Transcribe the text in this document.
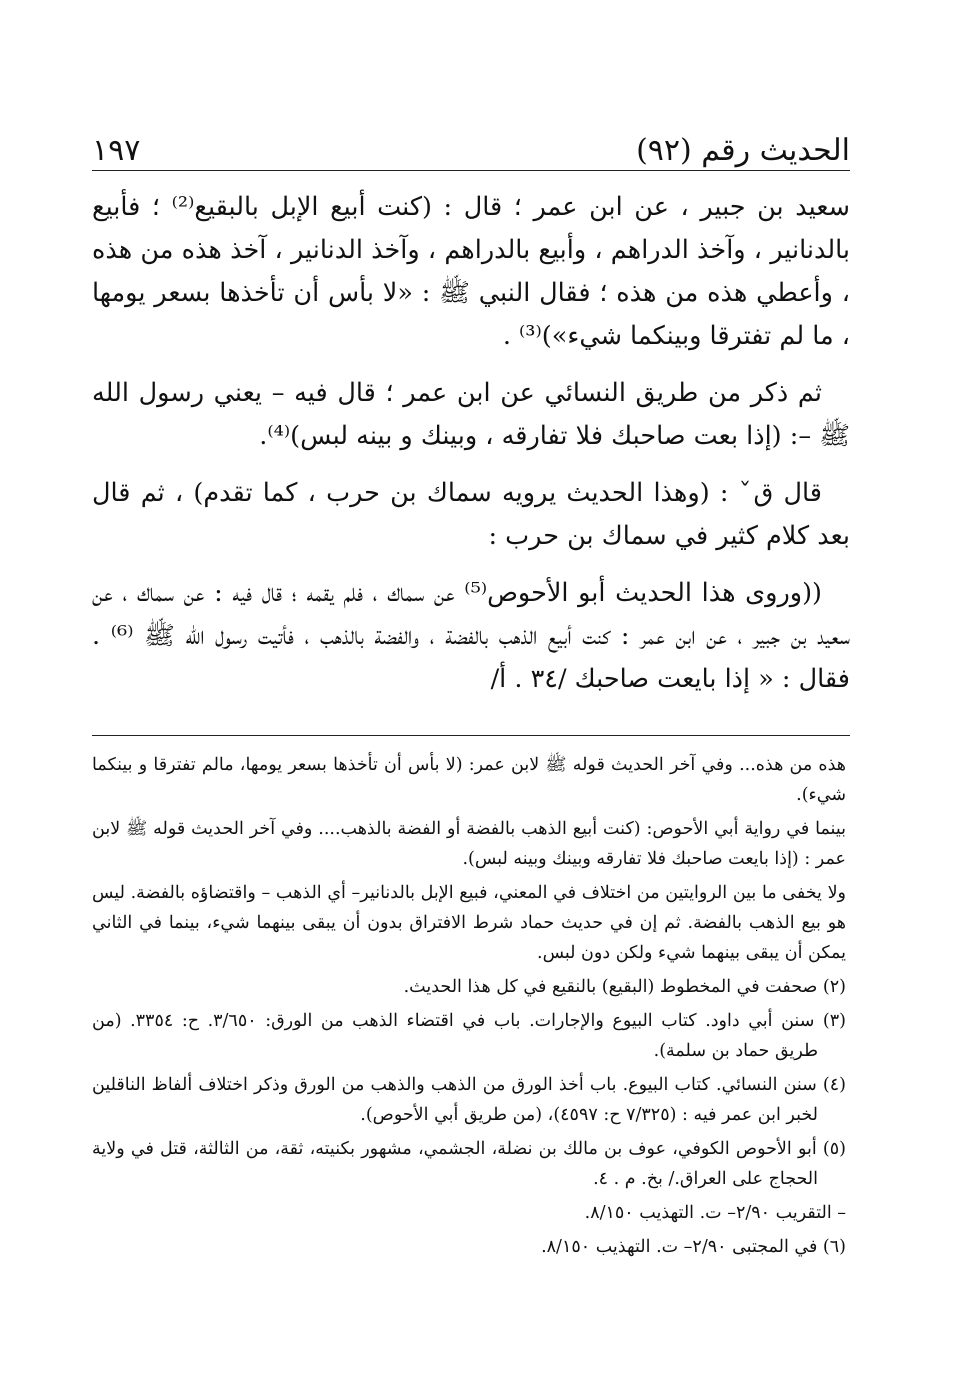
الحديث رقم (٩٢)
١٩٧

سعيد بن جبير ، عن ابن عمر ؛ قال : (كنت أبيع الإبل بالبقيع⁽²⁾ ؛ فأبيع بالدنانير ، وآخذ الدراهم ، وأبيع بالدراهم ، وآخذ الدنانير ، آخذ هذه من هذه ، وأعطي هذه من هذه ؛ فقال النبي ﷺ : «لا بأس أن تأخذها بسعر يومها ، ما لم تفترقا وبينكما شيء»)⁽³⁾ .

ثم ذكر من طريق النسائي عن ابن عمر ؛ قال فيه – يعني رسول الله ﷺ –: (إذا بعت صاحبك فلا تفارقه ، وبينك و بينه لبس)⁽⁴⁾.

قال قˇ : (وهذا الحديث يرويه سماك بن حرب ، كما تقدم) ، ثم قال بعد كلام كثير في سماك بن حرب :

((وروى هذا الحديث أبو الأحوص⁽⁵⁾ عن سماك ، فلم يقمه ؛ قال فيه : عن سماك ، عن سعيد بن جبير ، عن ابن عمر : كنت أبيع الذهب بالفضة ، والفضة بالذهب ، فأتيت رسول الله ﷺ ⁽⁶⁾ . فقال : « إذا بايعت صاحبك /٣٤ . أ/

هذه من هذه... وفي آخر الحديث قوله ﷺ لابن عمر: (لا بأس أن تأخذها بسعر يومها، مالم تفترقا و بينكما شيء).

بينما في رواية أبي الأحوص: (كنت أبيع الذهب بالفضة أو الفضة بالذهب.... وفي آخر الحديث قوله ﷺ لابن عمر : (إذا بايعت صاحبك فلا تفارقه وبينك وبينه لبس).

ولا يخفى ما بين الروايتين من اختلاف في المعني، فبيع الإبل بالدنانير– أي الذهب – واقتضاؤه بالفضة. ليس هو بيع الذهب بالفضة. ثم إن في حديث حماد شرط الافتراق بدون أن يبقى بينهما شيء، بينما في الثاني يمكن أن يبقى بينهما شيء ولكن دون لبس.

(٢) صحفت في المخطوط (البقيع) بالنقيع في كل هذا الحديث.

(٣) سنن أبي داود. كتاب البيوع والإجارات. باب في اقتضاء الذهب من الورق: ٣/٦٥٠. ح: ٣٣٥٤. (من طريق حماد بن سلمة).

(٤) سنن النسائي. كتاب البيوع. باب أخذ الورق من الذهب والذهب من الورق وذكر اختلاف ألفاظ الناقلين لخبر ابن عمر فيه : (٧/٣٢٥ ح: ٤٥٩٧)، (من طريق أبي الأحوص).

(٥) أبو الأحوص الكوفي، عوف بن مالك بن نضلة، الجشمي، مشهور بكنيته، ثقة، من الثالثة، قتل في ولاية الحجاج على العراق./ بخ. م . ٤.

– التقريب ٢/٩٠– ت. التهذيب ٨/١٥٠.

(٦) في المجتبى ٢/٩٠– ت. التهذيب ٨/١٥٠.
